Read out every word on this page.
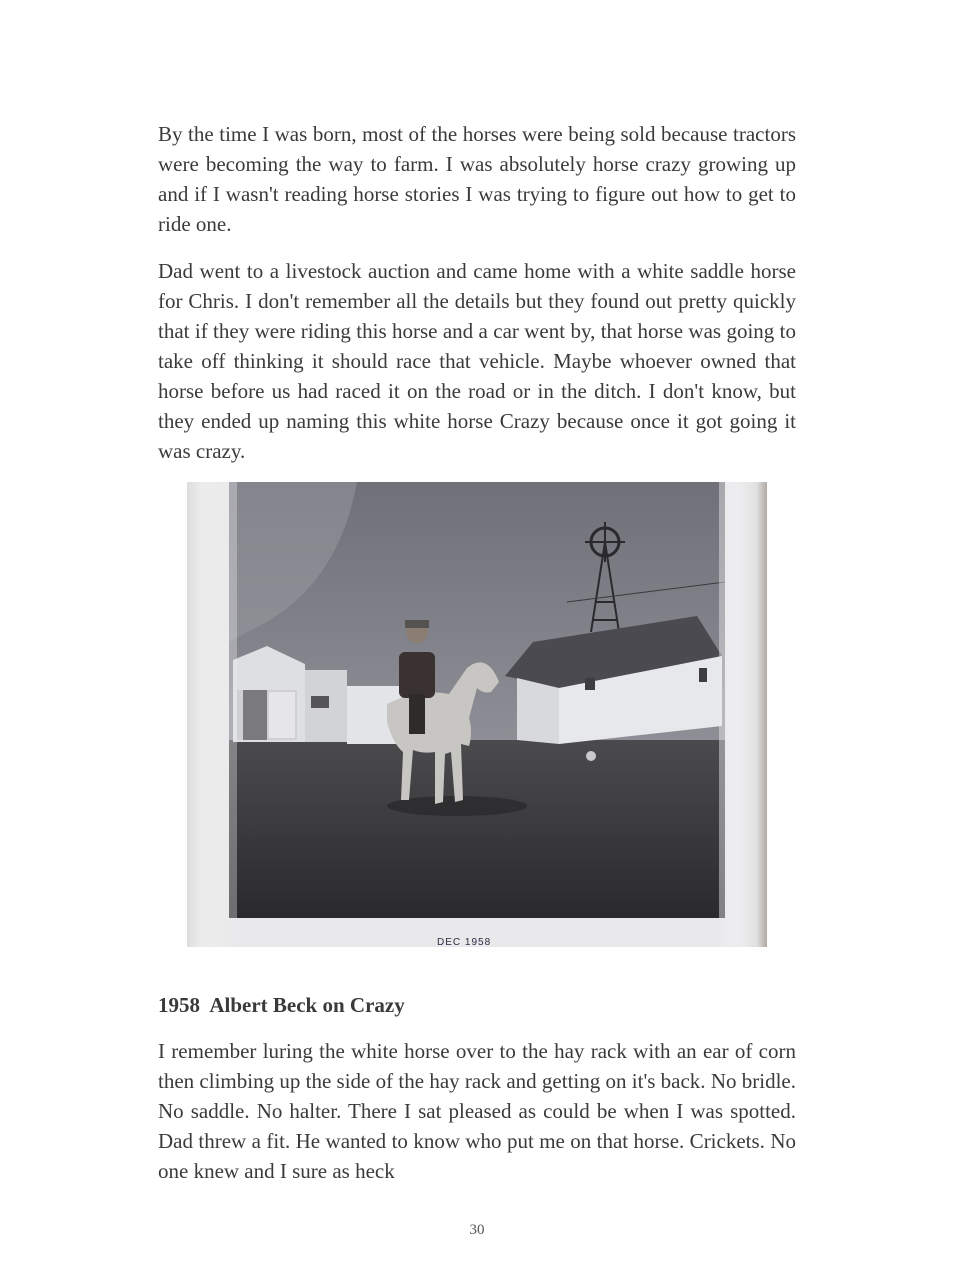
By the time I was born, most of the horses were being sold because tractors were becoming the way to farm. I was absolutely horse crazy growing up and if I wasn't reading horse stories I was trying to figure out how to get to ride one.

Dad went to a livestock auction and came home with a white saddle horse for Chris. I don't remember all the details but they found out pretty quickly that if they were riding this horse and a car went by, that horse was going to take off thinking it should race that vehicle. Maybe whoever owned that horse before us had raced it on the road or in the ditch. I don't know, but they ended up naming this white horse Crazy because once it got going it was crazy.

DEC 1958
1958  Albert Beck on Crazy

I remember luring the white horse over to the hay rack with an ear of corn then climbing up the side of the hay rack and getting on it's back. No bridle. No saddle. No halter. There I sat pleased as could be when I was spotted. Dad threw a fit. He wanted to know who put me on that horse. Crickets. No one knew and I sure as heck

30
